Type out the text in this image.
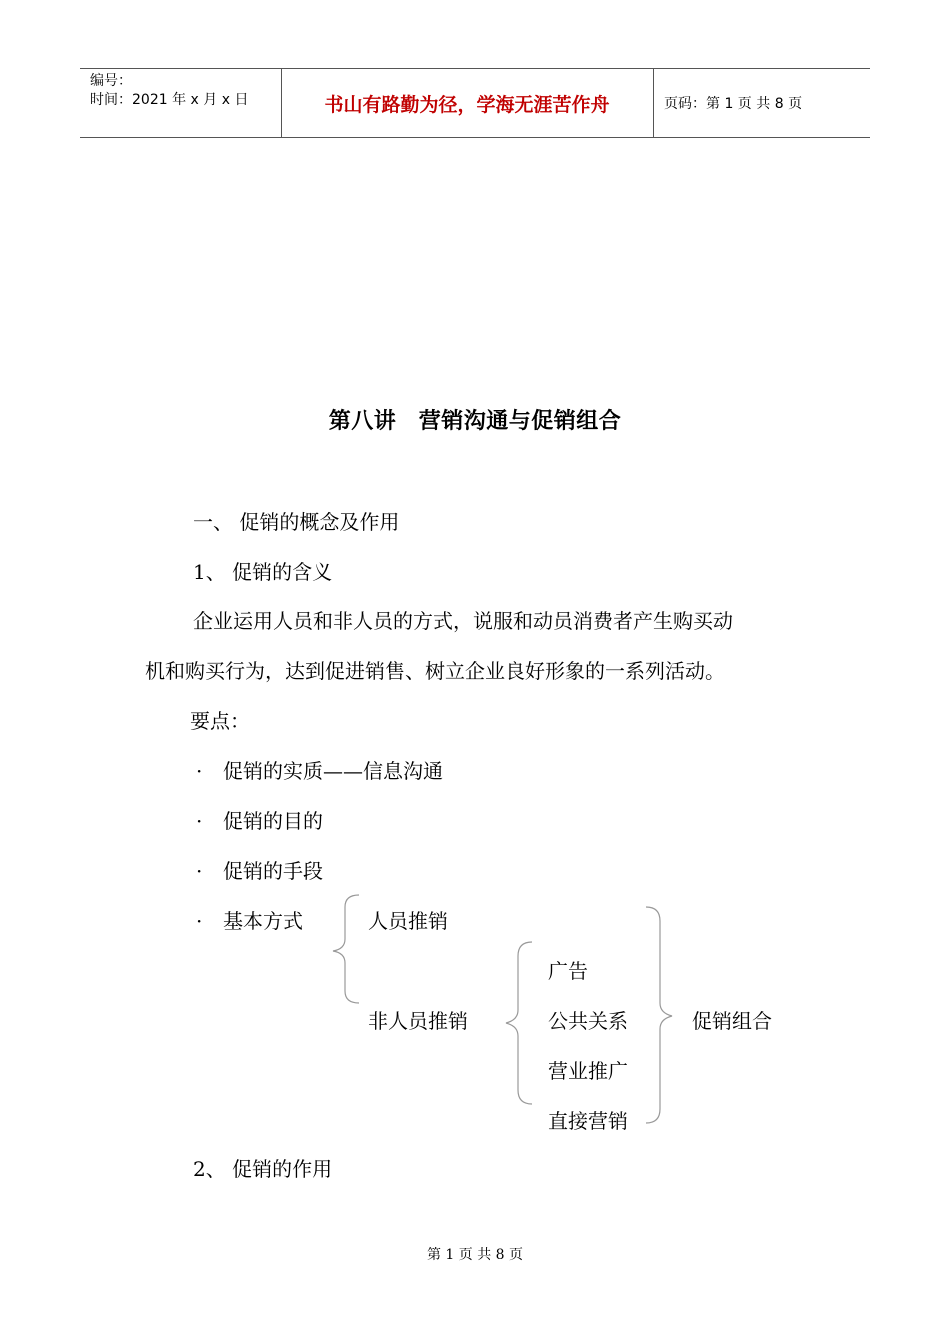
编号：
时间：2021 年 x 月 x 日	书山有路勤为径，学海无涯苦作舟	页码：第 1 页 共 8 页
第八讲　营销沟通与促销组合
一、 促销的概念及作用
1、 促销的含义
企业运用人员和非人员的方式，说服和动员消费者产生购买动
机和购买行为，达到促进销售、树立企业良好形象的一系列活动。
要点：
· 促销的实质——信息沟通
· 促销的目的
· 促销的手段
· 基本方式	人员推销
非人员推销
广告
公共关系
营业推广
直接营销
促销组合
2、 促销的作用
第 1 页 共 8 页
